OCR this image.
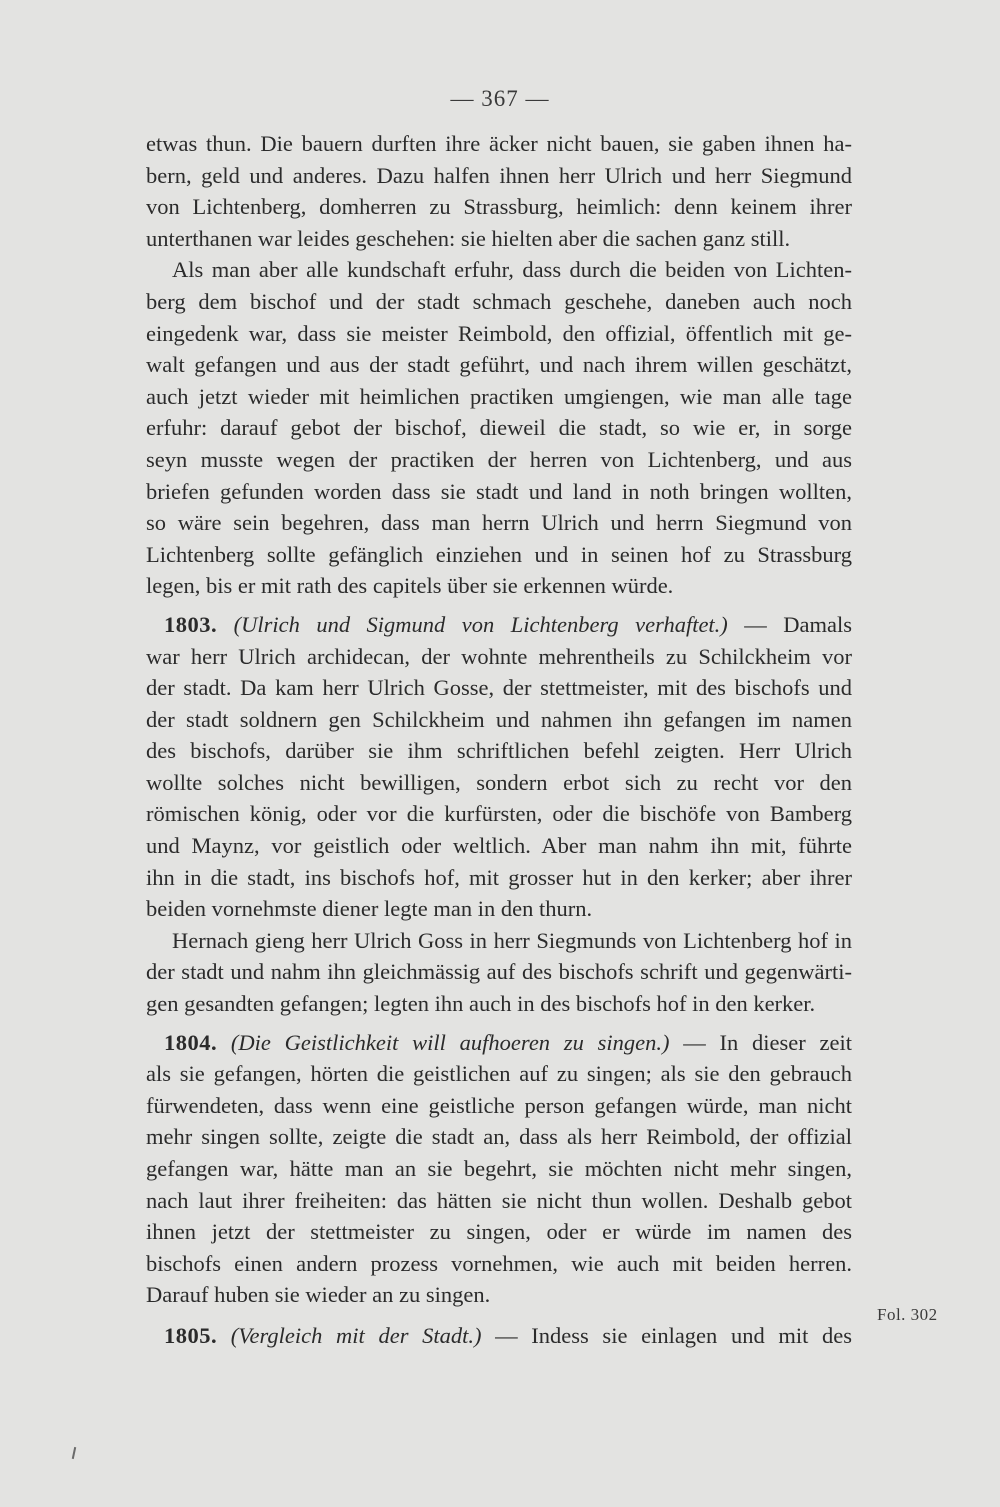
— 367 —
etwas thun. Die bauern durften ihre äcker nicht bauen, sie gaben ihnen ha-
bern, geld und anderes. Dazu halfen ihnen herr Ulrich und herr Siegmund
von Lichtenberg, domherren zu Strassburg, heimlich: denn keinem ihrer
unterthanen war leides geschehen: sie hielten aber die sachen ganz still.
Als man aber alle kundschaft erfuhr, dass durch die beiden von Lichten-
berg dem bischof und der stadt schmach geschehe, daneben auch noch
eingedenk war, dass sie meister Reimbold, den offizial, öffentlich mit ge-
walt gefangen und aus der stadt geführt, und nach ihrem willen geschätzt,
auch jetzt wieder mit heimlichen practiken umgiengen, wie man alle tage
erfuhr: darauf gebot der bischof, dieweil die stadt, so wie er, in sorge
seyn musste wegen der practiken der herren von Lichtenberg, und aus
briefen gefunden worden dass sie stadt und land in noth bringen wollten,
so wäre sein begehren, dass man herrn Ulrich und herrn Siegmund von
Lichtenberg sollte gefänglich einziehen und in seinen hof zu Strassburg
legen, bis er mit rath des capitels über sie erkennen würde.
1803. (Ulrich und Sigmund von Lichtenberg verhaftet.) — Damals
war herr Ulrich archidecan, der wohnte mehrentheils zu Schilckheim vor
der stadt. Da kam herr Ulrich Gosse, der stettmeister, mit des bischofs und
der stadt soldnern gen Schilckheim und nahmen ihn gefangen im namen
des bischofs, darüber sie ihm schriftlichen befehl zeigten. Herr Ulrich
wollte solches nicht bewilligen, sondern erbot sich zu recht vor den
römischen könig, oder vor die kurfürsten, oder die bischöfe von Bamberg
und Maynz, vor geistlich oder weltlich. Aber man nahm ihn mit, führte
ihn in die stadt, ins bischofs hof, mit grosser hut in den kerker; aber ihrer
beiden vornehmste diener legte man in den thurn.
Hernach gieng herr Ulrich Goss in herr Siegmunds von Lichtenberg hof in
der stadt und nahm ihn gleichmässig auf des bischofs schrift und gegenwärti-
gen gesandten gefangen; legten ihn auch in des bischofs hof in den kerker.
1804. (Die Geistlichkeit will aufhoeren zu singen.) — In dieser zeit
als sie gefangen, hörten die geistlichen auf zu singen; als sie den gebrauch
fürwendeten, dass wenn eine geistliche person gefangen würde, man nicht
mehr singen sollte, zeigte die stadt an, dass als herr Reimbold, der offizial
gefangen war, hätte man an sie begehrt, sie möchten nicht mehr singen,
nach laut ihrer freiheiten: das hätten sie nicht thun wollen. Deshalb gebot
ihnen jetzt der stettmeister zu singen, oder er würde im namen des
bischofs einen andern prozess vornehmen, wie auch mit beiden herren.
Darauf huben sie wieder an zu singen.
1805. (Vergleich mit der Stadt.) — Indess sie einlagen und mit des
Fol. 302
